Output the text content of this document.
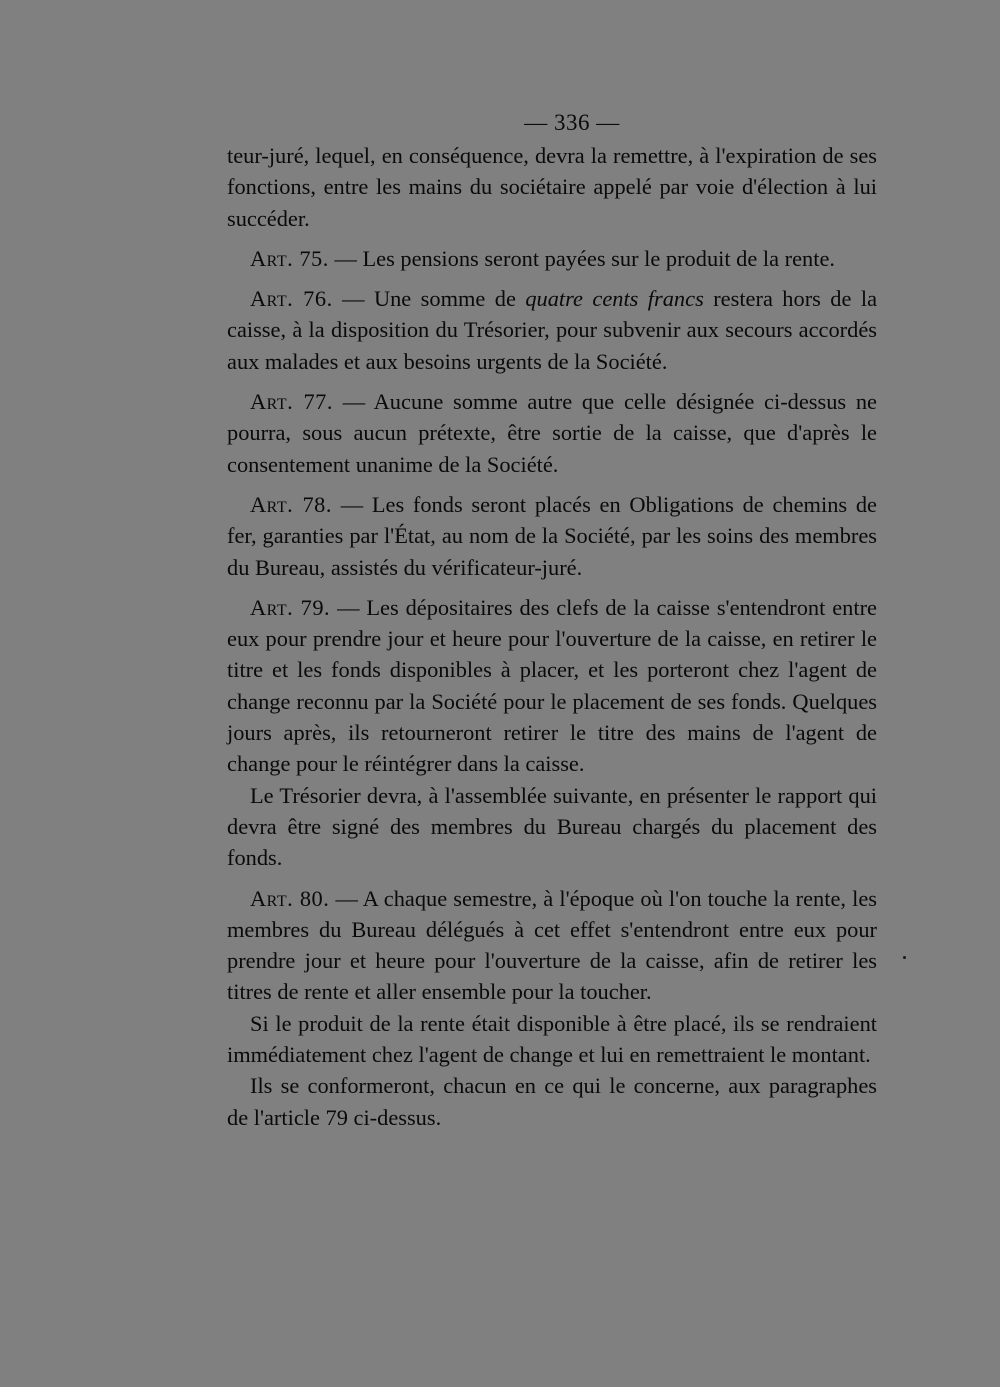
— 336 —

teur-juré, lequel, en conséquence, devra la remettre, à l'expiration de ses fonctions, entre les mains du sociétaire appelé par voie d'élection à lui succéder.

Art. 75. — Les pensions seront payées sur le produit de la rente.

Art. 76. — Une somme de quatre cents francs restera hors de la caisse, à la disposition du Trésorier, pour subvenir aux secours accordés aux malades et aux besoins urgents de la Société.

Art. 77. — Aucune somme autre que celle désignée ci-dessus ne pourra, sous aucun prétexte, être sortie de la caisse, que d'après le consentement unanime de la Société.

Art. 78. — Les fonds seront placés en Obligations de chemins de fer, garanties par l'État, au nom de la Société, par les soins des membres du Bureau, assistés du vérificateur-juré.

Art. 79. — Les dépositaires des clefs de la caisse s'entendront entre eux pour prendre jour et heure pour l'ouverture de la caisse, en retirer le titre et les fonds disponibles à placer, et les porteront chez l'agent de change reconnu par la Société pour le placement de ses fonds. Quelques jours après, ils retourneront retirer le titre des mains de l'agent de change pour le réintégrer dans la caisse.

Le Trésorier devra, à l'assemblée suivante, en présenter le rapport qui devra être signé des membres du Bureau chargés du placement des fonds.

Art. 80. — A chaque semestre, à l'époque où l'on touche la rente, les membres du Bureau délégués à cet effet s'entendront entre eux pour prendre jour et heure pour l'ouverture de la caisse, afin de retirer les titres de rente et aller ensemble pour la toucher.

Si le produit de la rente était disponible à être placé, ils se rendraient immédiatement chez l'agent de change et lui en remettraient le montant.

Ils se conformeront, chacun en ce qui le concerne, aux paragraphes de l'article 79 ci-dessus.
